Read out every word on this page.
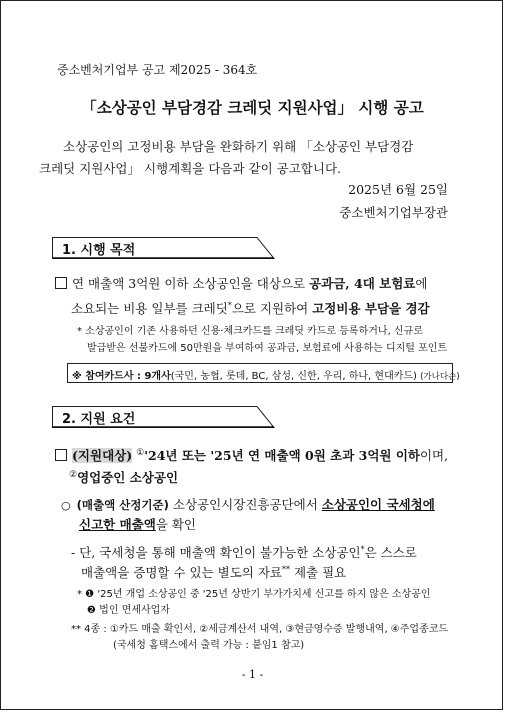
중소벤처기업부 공고 제2025 - 364호
「소상공인 부담경감 크레딧 지원사업」 시행 공고
소상공인의 고정비용 부담을 완화하기 위해 「소상공인 부담경감
크레딧 지원사업」 시행계획을 다음과 같이 공고합니다.
2025년 6월 25일
중소벤처기업부장관
1. 시행 목적
연 매출액 3억원 이하 소상공인을 대상으로 공과금, 4대 보험료에
소요되는 비용 일부를 크레딧*으로 지원하여 고정비용 부담을 경감
* 소상공인이 기존 사용하던 신용·체크카드를 크레딧 카드로 등록하거나, 신규로
발급받은 선불카드에 50만원을 부여하여 공과금, 보험료에 사용하는 디지털 포인트
※ 참여카드사 : 9개사(국민, 농협, 롯데, BC, 삼성, 신한, 우리, 하나, 현대카드) (가나다순)
2. 지원 요건
(지원대상) ①'24년 또는 '25년 연 매출액 0원 초과 3억원 이하이며,
②영업중인 소상공인
○ (매출액 산정기준) 소상공인시장진흥공단에서 소상공인이 국세청에
신고한 매출액을 확인
- 단, 국세청을 통해 매출액 확인이 불가능한 소상공인*은 스스로
매출액을 증명할 수 있는 별도의 자료** 제출 필요
* ❶ '25년 개업 소상공인 중 '25년 상반기 부가가치세 신고를 하지 않은 소상공인
❷ 법인 면세사업자
** 4종 : ①카드 매출 확인서, ②세금계산서 내역, ③현금영수증 발행내역, ④주업종코드
(국세청 홈택스에서 출력 가능 : 붙임1 참고)
- 1 -
